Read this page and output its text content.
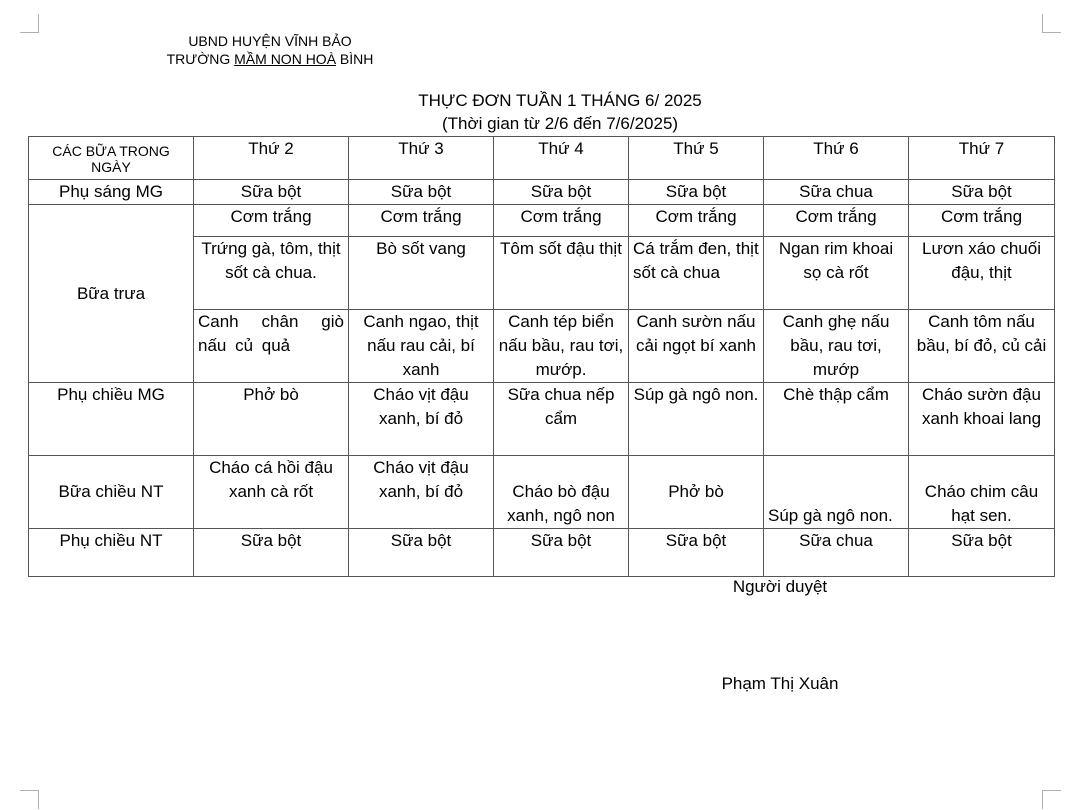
UBND HUYỆN VĨNH BẢO
TRƯỜNG MẦM NON HOÀ BÌNH
THỰC ĐƠN TUẦN 1 THÁNG 6/ 2025
(Thời gian từ 2/6 đến 7/6/2025)
CÁC BỮA TRONG NGÀY	Thứ 2	Thứ 3	Thứ 4	Thứ 5	Thứ 6	Thứ 7
Phụ sáng MG	Sữa bột	Sữa bột	Sữa bột	Sữa bột	Sữa chua	Sữa bột
Bữa trưa	Cơm trắng	Cơm trắng	Cơm trắng	Cơm trắng	Cơm trắng	Cơm trắng
	Trứng gà, tôm, thịt sốt cà chua.	Bò sốt vang	Tôm sốt đậu thịt	Cá trắm đen, thịt sốt cà chua	Ngan rim khoai sọ cà rốt	Lươn xáo chuối đậu, thịt
	Canh chân giò nấu củ quả	Canh ngao, thịt nấu rau cải, bí xanh	Canh tép biển nấu bầu, rau tơi, mướp.	Canh sườn nấu cải ngọt bí xanh	Canh ghẹ nấu bầu, rau tơi, mướp	Canh tôm nấu bầu, bí đỏ, củ cải
Phụ chiều MG	Phở bò	Cháo vịt đậu xanh, bí đỏ	Sữa chua nếp cẩm	Súp gà ngô non.	Chè thập cẩm	Cháo sườn đậu xanh khoai lang
Bữa chiều NT	Cháo cá hồi đậu xanh cà rốt	Cháo vịt đậu xanh, bí đỏ	Cháo bò đậu xanh, ngô non	Phở bò	Súp gà ngô non.	Cháo chim câu hạt sen.
Phụ chiều NT	Sữa bột	Sữa bột	Sữa bột	Sữa bột	Sữa chua	Sữa bột
Người duyệt
Phạm Thị Xuân
